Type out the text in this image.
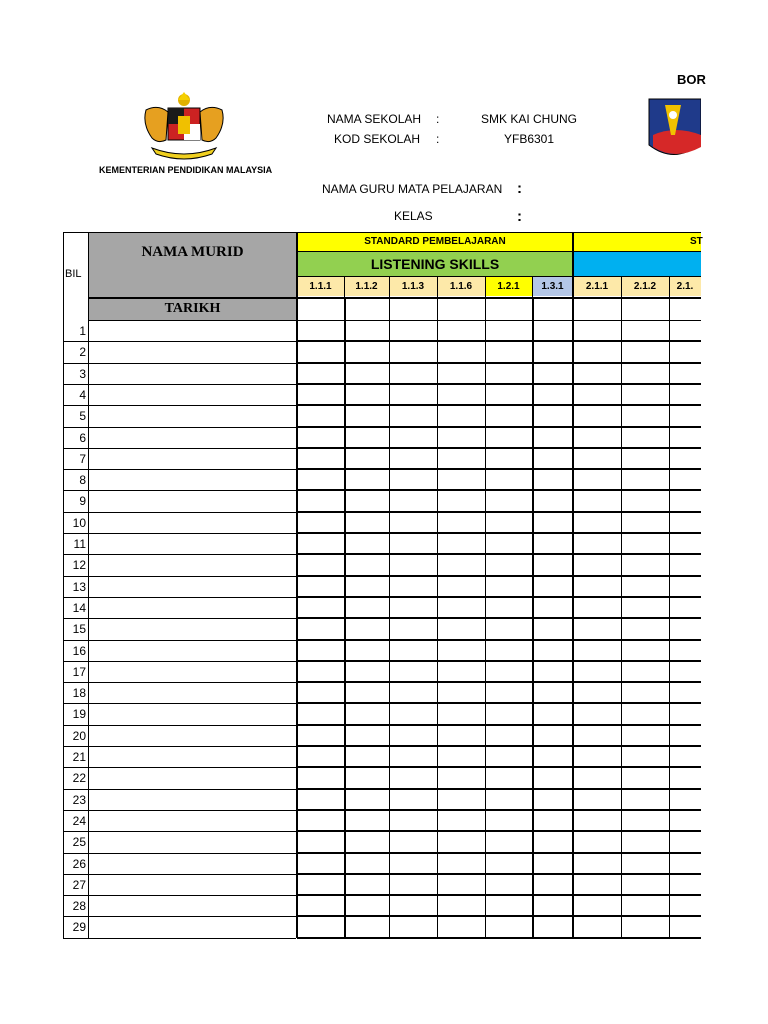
BOR
KEMENTERIAN PENDIDIKAN MALAYSIA
NAMA SEKOLAH :	SMK KAI CHUNG
KOD SEKOLAH :	YFB6301
NAMA GURU MATA PELAJARAN :
KELAS	:
STANDARD PEMBELAJARAN	ST
LISTENING SKILLS
NAMA MURID
TARIKH
BIL
1.1.1	1.1.2	1.1.3	1.1.6	1.2.1	1.3.1	2.1.1	2.1.2	2.1.
1
2
3
4
5
6
7
8
9
10
11
12
13
14
15
16
17
18
19
20
21
22
23
24
25
26
27
28
29
